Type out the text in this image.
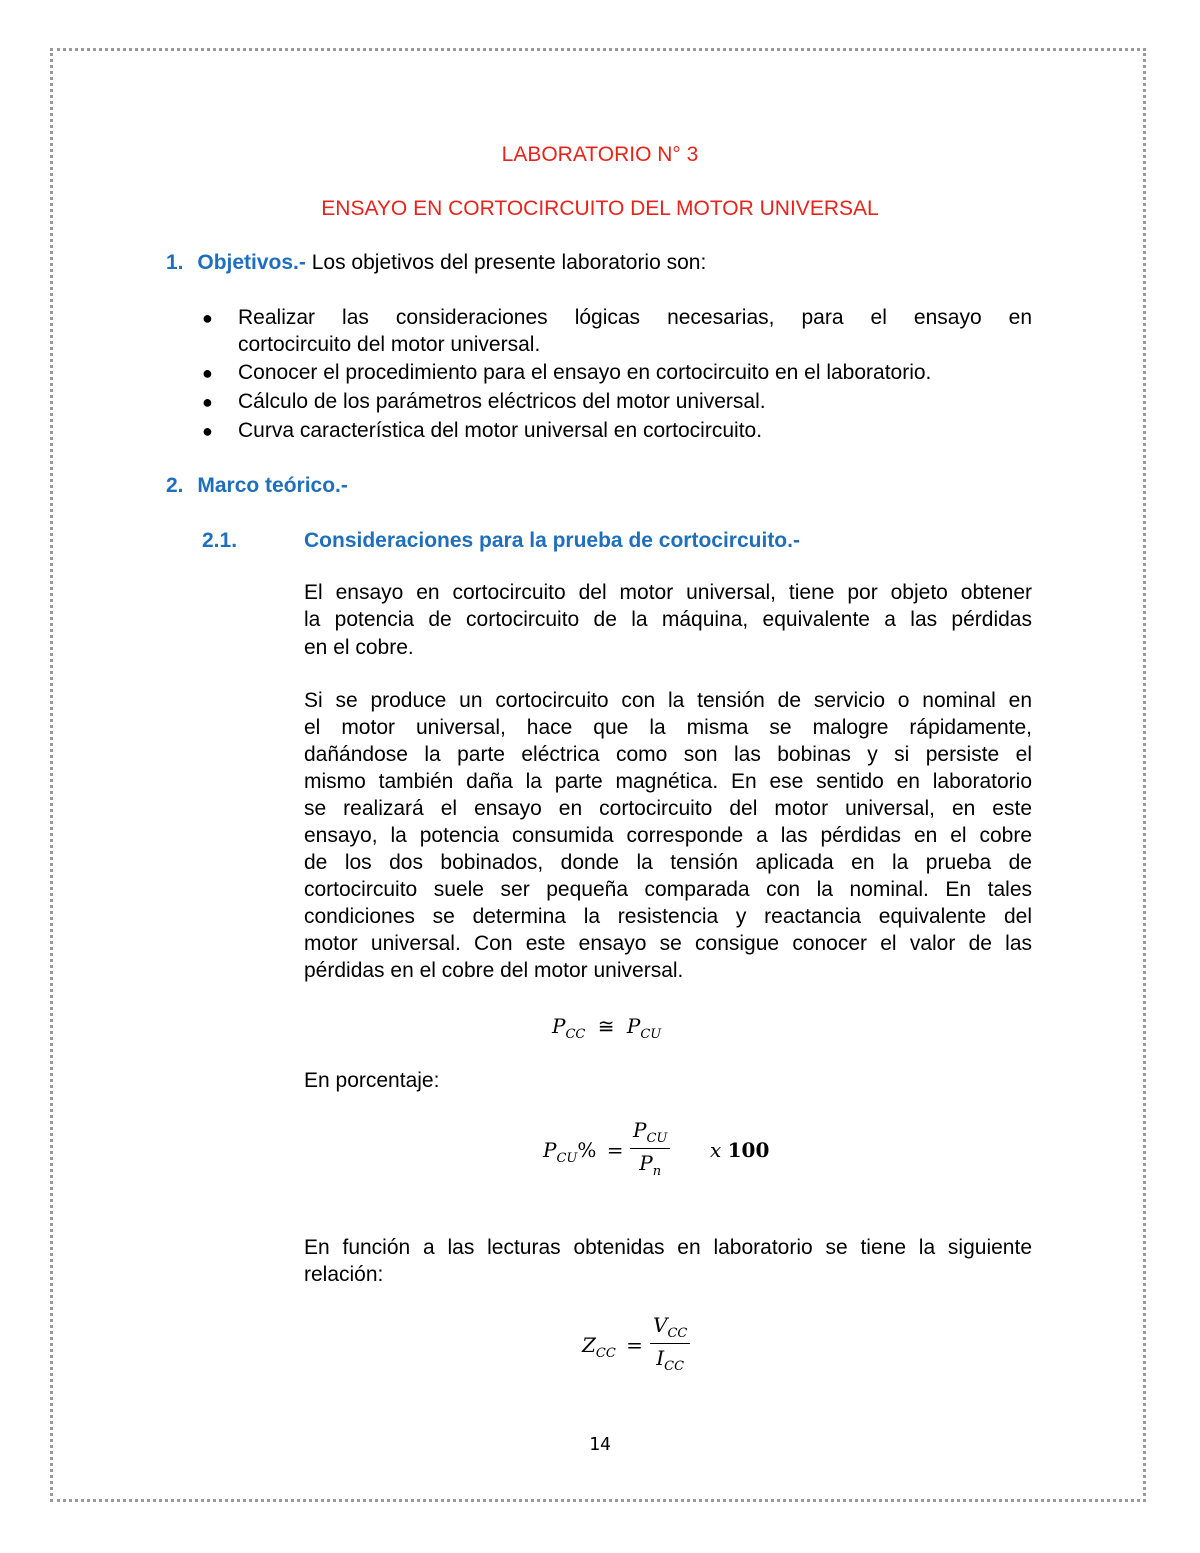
LABORATORIO N° 3
ENSAYO EN CORTOCIRCUITO DEL MOTOR UNIVERSAL
1. Objetivos.- Los objetivos del presente laboratorio son:
● Realizar las consideraciones lógicas necesarias, para el ensayo en
cortocircuito del motor universal.
● Conocer el procedimiento para el ensayo en cortocircuito en el laboratorio.
● Cálculo de los parámetros eléctricos del motor universal.
● Curva característica del motor universal en cortocircuito.
2. Marco teórico.-
2.1.	Consideraciones para la prueba de cortocircuito.-
El ensayo en cortocircuito del motor universal, tiene por objeto obtener
la potencia de cortocircuito de la máquina, equivalente a las pérdidas
en el cobre.
Si se produce un cortocircuito con la tensión de servicio o nominal en
el motor universal, hace que la misma se malogre rápidamente,
dañándose la parte eléctrica como son las bobinas y si persiste el
mismo también daña la parte magnética. En ese sentido en laboratorio
se realizará el ensayo en cortocircuito del motor universal, en este
ensayo, la potencia consumida corresponde a las pérdidas en el cobre
de los dos bobinados, donde la tensión aplicada en la prueba de
cortocircuito suele ser pequeña comparada con la nominal. En tales
condiciones se determina la resistencia y reactancia equivalente del
motor universal. Con este ensayo se consigue conocer el valor de las
pérdidas en el cobre del motor universal.
$P_{CC}$ ≅ $P_{CU}$
En porcentaje:
$P_{CU}\%$ =
$P_{CU}$
$P_n$
x 100
En función a las lecturas obtenidas en laboratorio se tiene la siguiente
relación:
$Z_{CC}$ =
$V_{CC}$
$I_{CC}$
14
